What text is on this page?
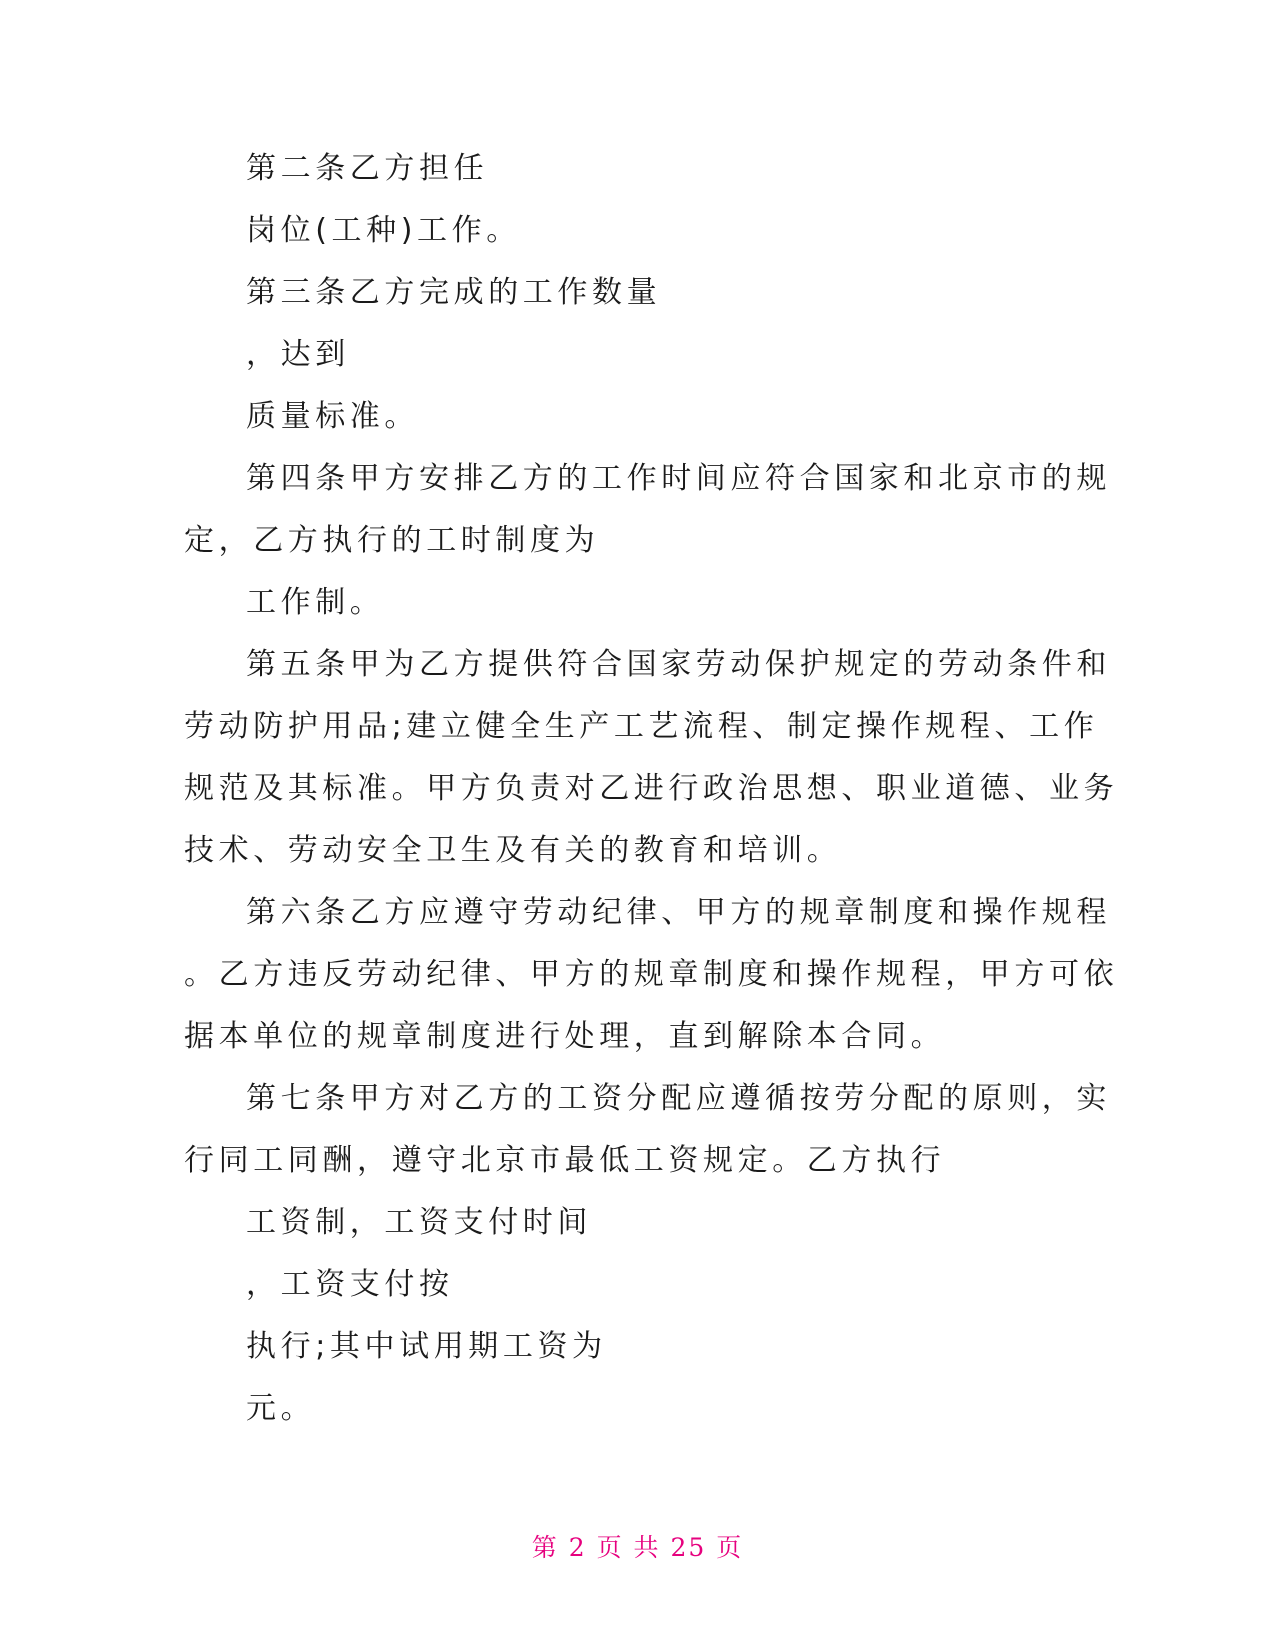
第二条乙方担任
岗位(工种)工作。
第三条乙方完成的工作数量
，达到
质量标准。
第四条甲方安排乙方的工作时间应符合国家和北京市的规
定，乙方执行的工时制度为
工作制。
第五条甲为乙方提供符合国家劳动保护规定的劳动条件和
劳动防护用品;建立健全生产工艺流程、制定操作规程、工作
规范及其标准。甲方负责对乙进行政治思想、职业道德、业务
技术、劳动安全卫生及有关的教育和培训。
第六条乙方应遵守劳动纪律、甲方的规章制度和操作规程
。乙方违反劳动纪律、甲方的规章制度和操作规程，甲方可依
据本单位的规章制度进行处理，直到解除本合同。
第七条甲方对乙方的工资分配应遵循按劳分配的原则，实
行同工同酬，遵守北京市最低工资规定。乙方执行
工资制，工资支付时间
，工资支付按
执行;其中试用期工资为
元。
第 2 页 共 25 页
